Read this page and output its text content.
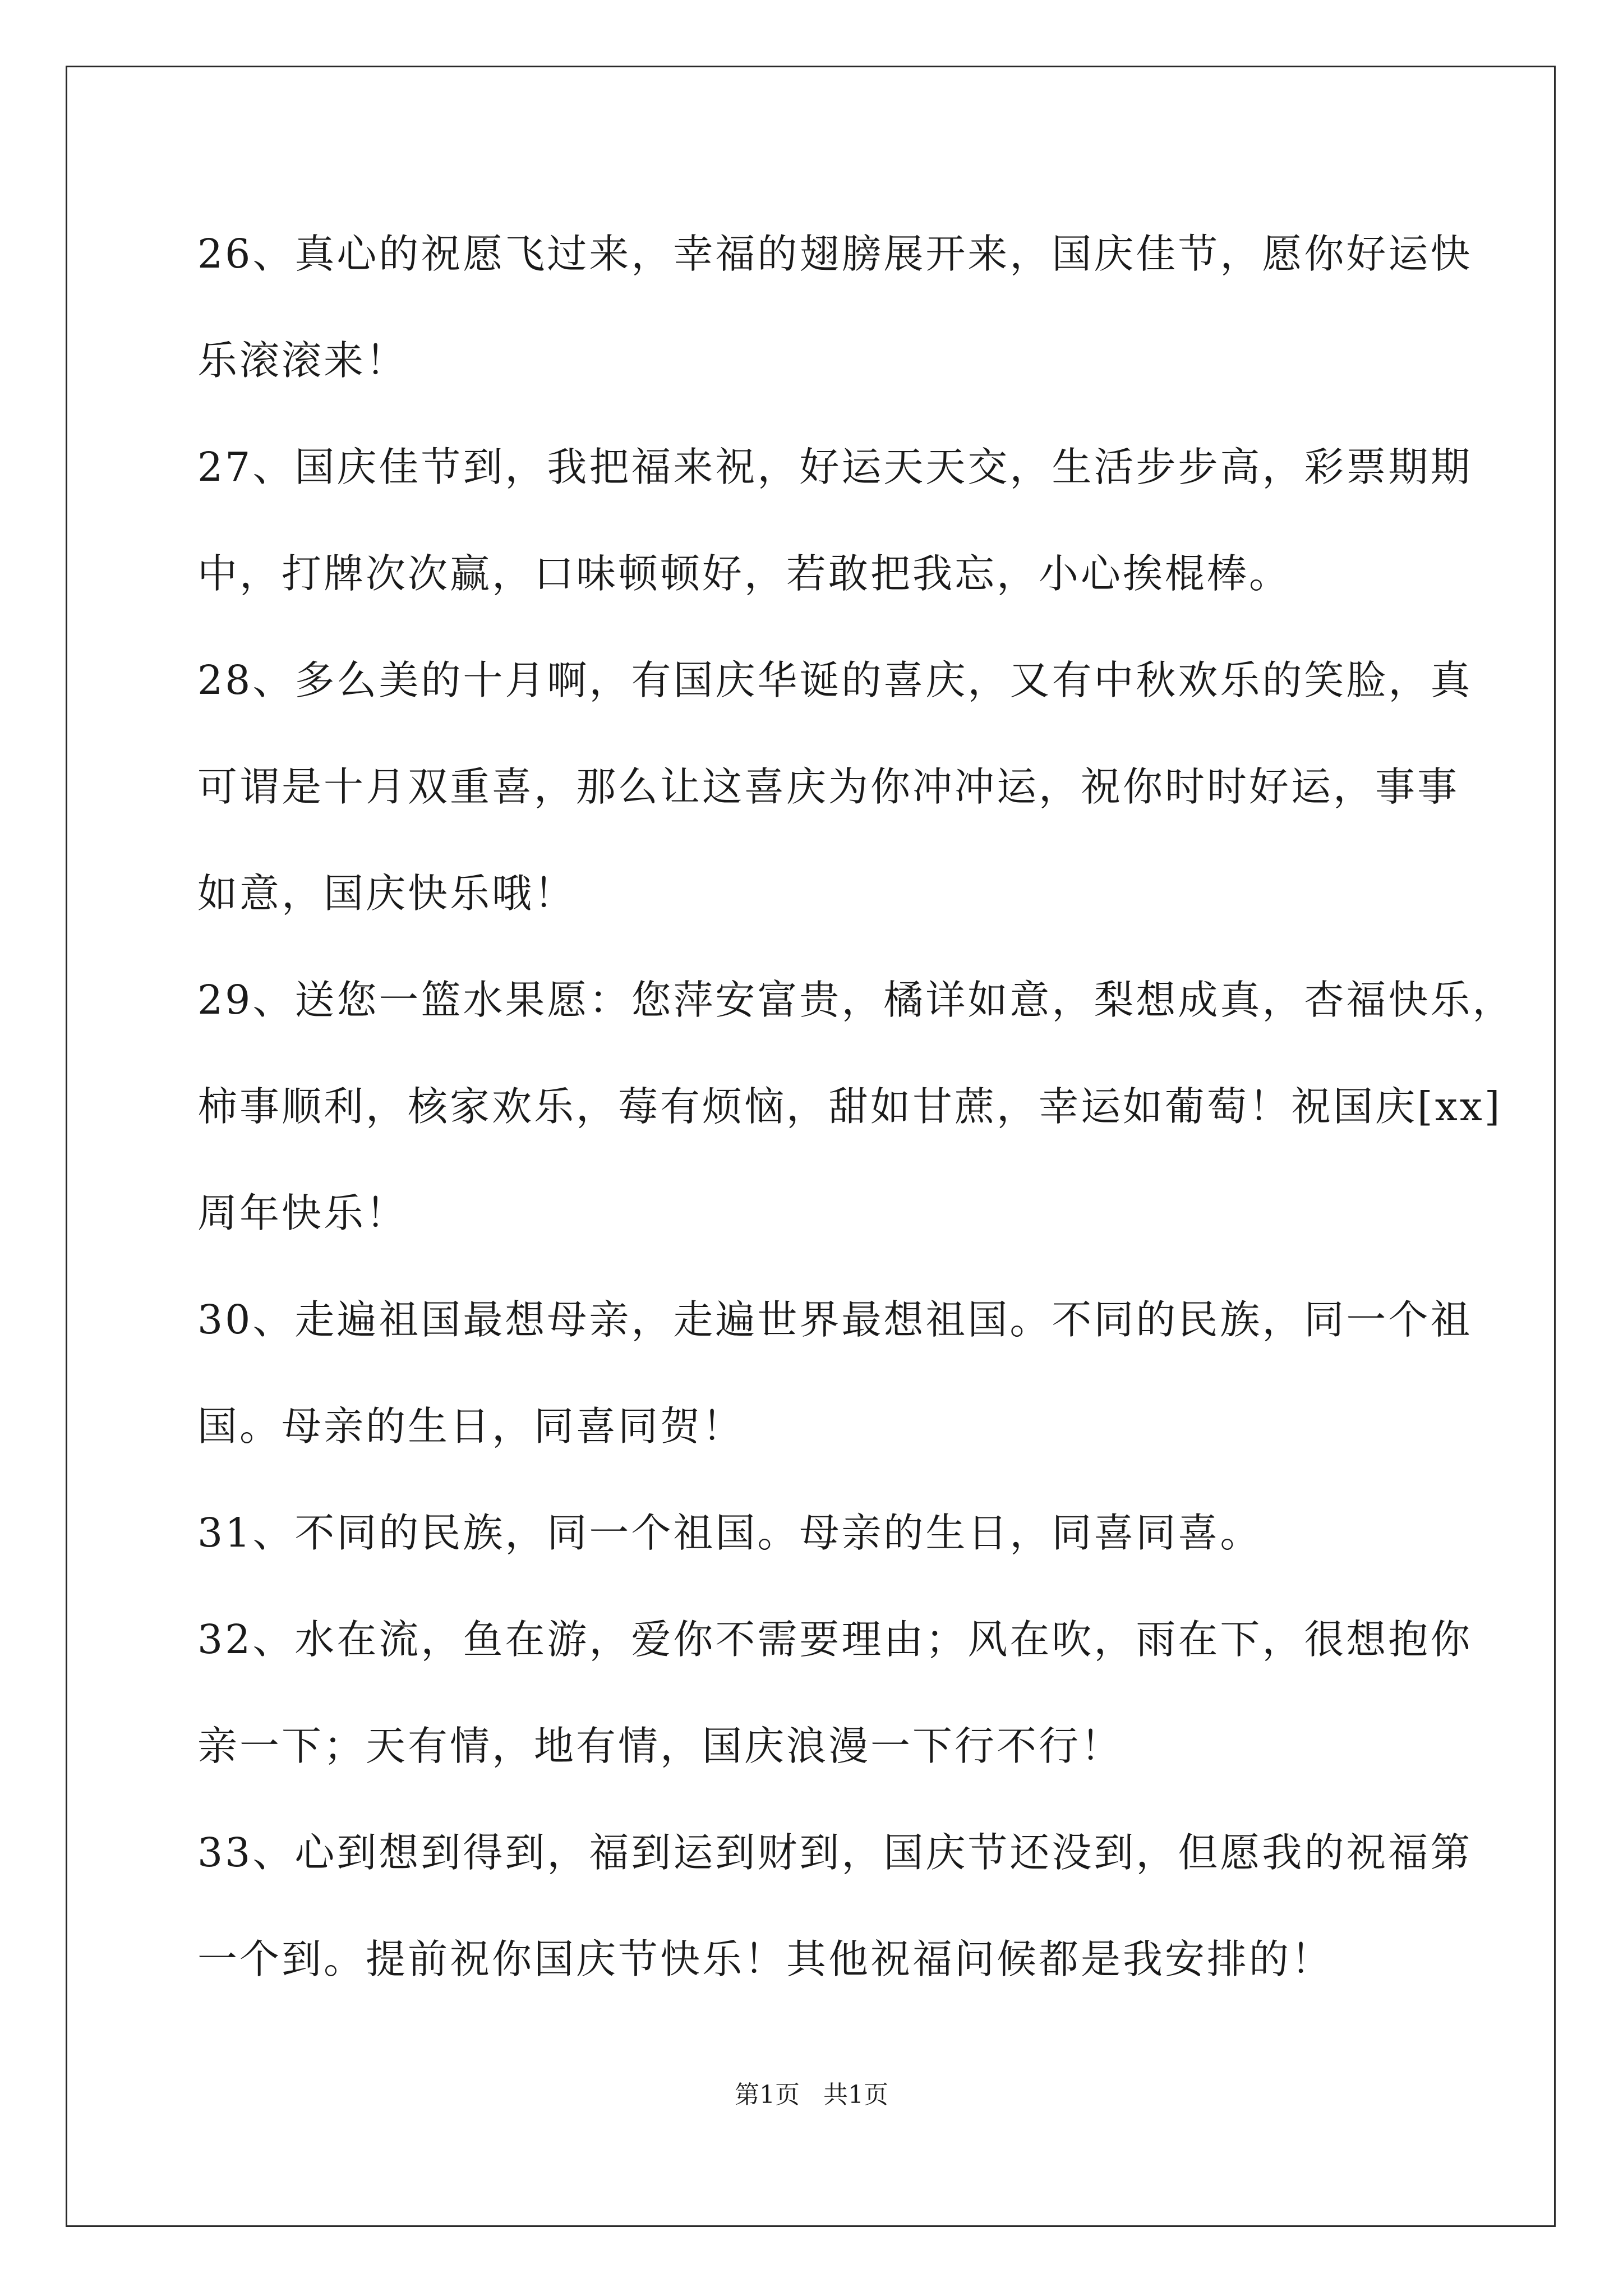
26、真心的祝愿飞过来，幸福的翅膀展开来，国庆佳节，愿你好运快
乐滚滚来！
27、国庆佳节到，我把福来祝，好运天天交，生活步步高，彩票期期
中，打牌次次赢，口味顿顿好，若敢把我忘，小心挨棍棒。
28、多么美的十月啊，有国庆华诞的喜庆，又有中秋欢乐的笑脸，真
可谓是十月双重喜，那么让这喜庆为你冲冲运，祝你时时好运，事事
如意，国庆快乐哦！
29、送您一篮水果愿：您萍安富贵，橘详如意，梨想成真，杏福快乐，
柿事顺利，核家欢乐，莓有烦恼，甜如甘蔗，幸运如葡萄！祝国庆[xx]
周年快乐！
30、走遍祖国最想母亲，走遍世界最想祖国。不同的民族，同一个祖
国。母亲的生日，同喜同贺！
31、不同的民族，同一个祖国。母亲的生日，同喜同喜。
32、水在流，鱼在游，爱你不需要理由；风在吹，雨在下，很想抱你
亲一下；天有情，地有情，国庆浪漫一下行不行！
33、心到想到得到，福到运到财到，国庆节还没到，但愿我的祝福第
一个到。提前祝你国庆节快乐！其他祝福问候都是我安排的！
第1页   共1页
